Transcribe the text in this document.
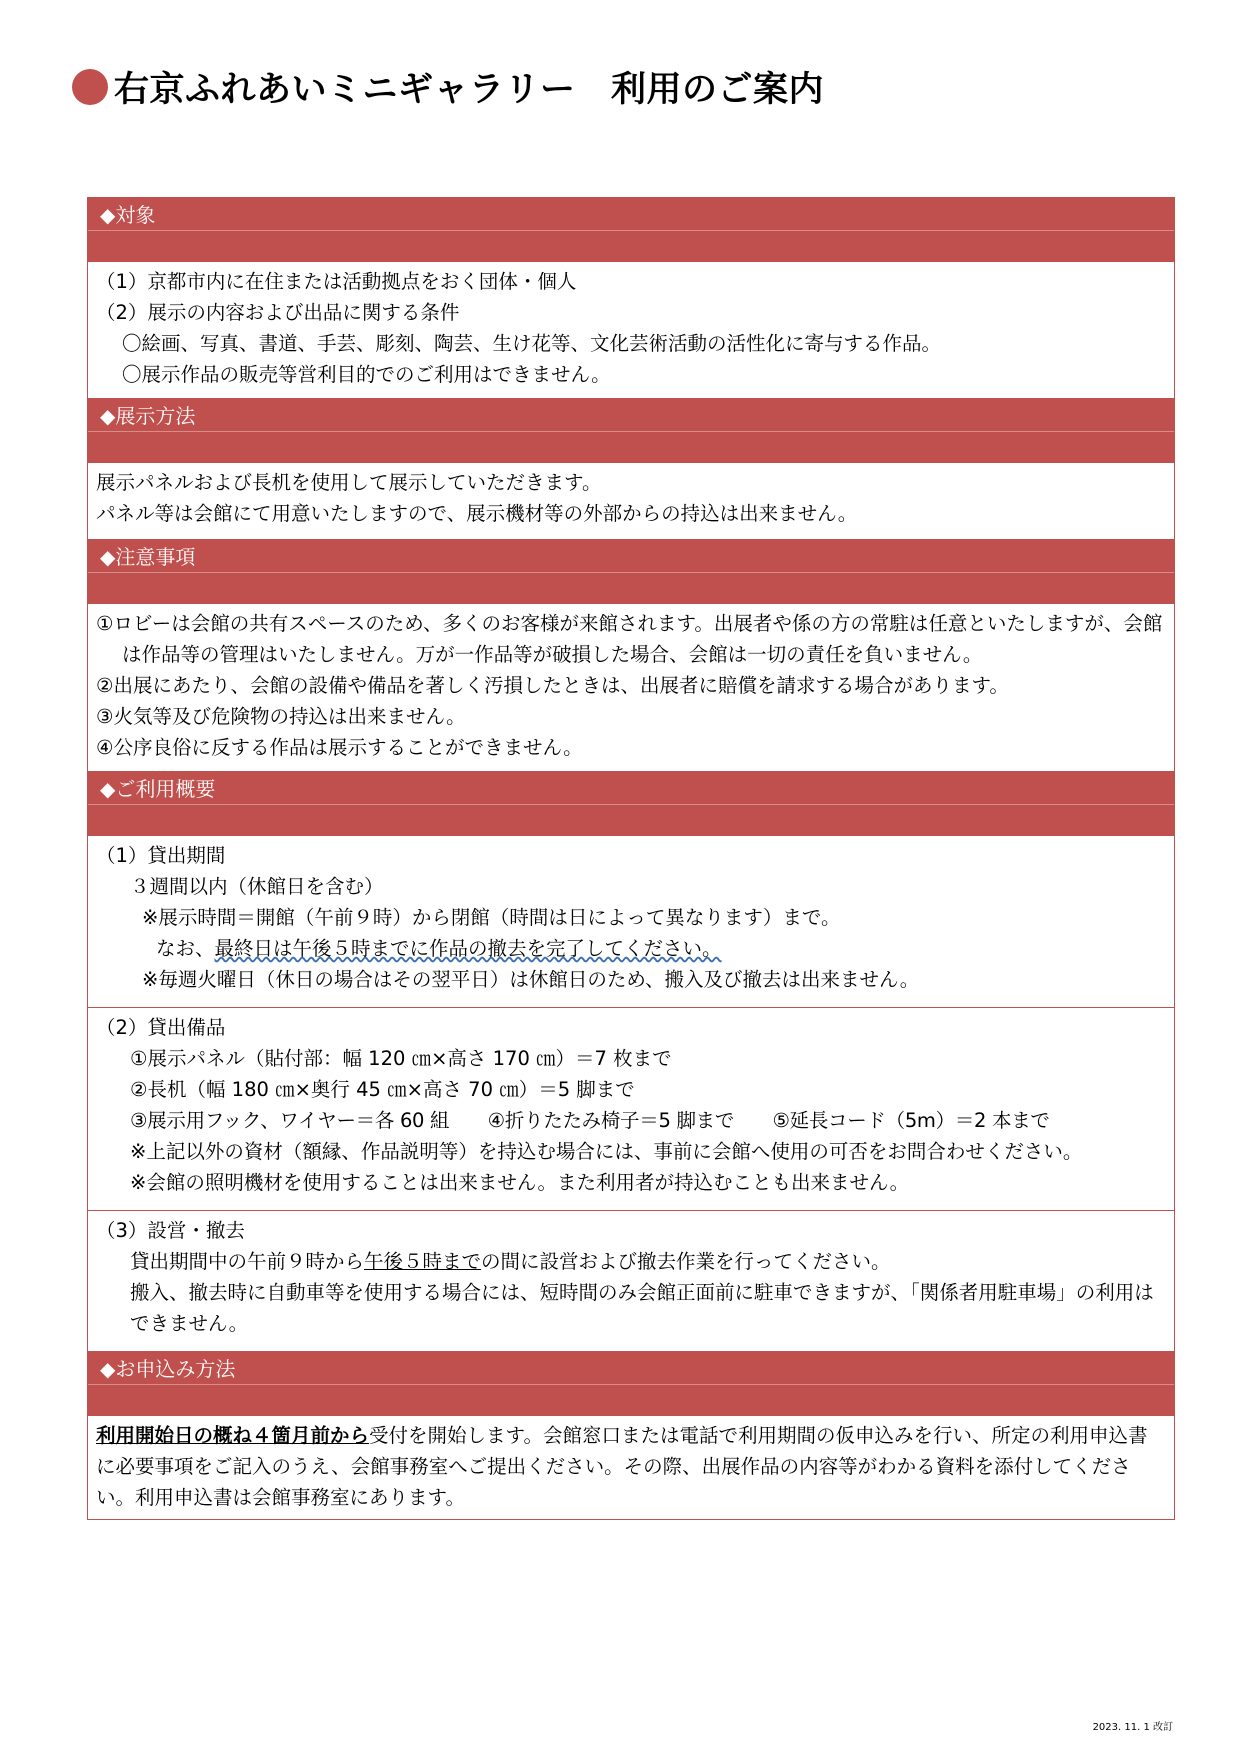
右京ふれあいミニギャラリー　利用のご案内
◆対象
（1）京都市内に在住または活動拠点をおく団体・個人
（2）展示の内容および出品に関する条件
〇絵画、写真、書道、手芸、彫刻、陶芸、生け花等、文化芸術活動の活性化に寄与する作品。
〇展示作品の販売等営利目的でのご利用はできません。
◆展示方法
展示パネルおよび長机を使用して展示していただきます。
パネル等は会館にて用意いたしますので、展示機材等の外部からの持込は出来ません。
◆注意事項
①ロビーは会館の共有スペースのため、多くのお客様が来館されます。出展者や係の方の常駐は任意といたしますが、会館は作品等の管理はいたしません。万が一作品等が破損した場合、会館は一切の責任を負いません。
②出展にあたり、会館の設備や備品を著しく汚損したときは、出展者に賠償を請求する場合があります。
③火気等及び危険物の持込は出来ません。
④公序良俗に反する作品は展示することができません。
◆ご利用概要
（1）貸出期間
３週間以内（休館日を含む）
※展示時間＝開館（午前９時）から閉館（時間は日によって異なります）まで。
なお、最終日は午後５時までに作品の撤去を完了してください。
※毎週火曜日（休日の場合はその翌平日）は休館日のため、搬入及び撤去は出来ません。
（2）貸出備品
①展示パネル（貼付部：幅 120 ㎝×高さ 170 ㎝）＝7 枚まで
②長机（幅 180 ㎝×奥行 45 ㎝×高さ 70 ㎝）＝5 脚まで
③展示用フック、ワイヤー＝各 60 組　　④折りたたみ椅子＝5 脚まで　　⑤延長コード（5m）＝2 本まで
※上記以外の資材（額縁、作品説明等）を持込む場合には、事前に会館へ使用の可否をお問合わせください。
※会館の照明機材を使用することは出来ません。また利用者が持込むことも出来ません。
（3）設営・撤去
貸出期間中の午前９時から午後５時までの間に設営および撤去作業を行ってください。
搬入、撤去時に自動車等を使用する場合には、短時間のみ会館正面前に駐車できますが、「関係者用駐車場」の利用はできません。
◆お申込み方法
利用開始日の概ね４箇月前から受付を開始します。会館窓口または電話で利用期間の仮申込みを行い、所定の利用申込書に必要事項をご記入のうえ、会館事務室へご提出ください。その際、出展作品の内容等がわかる資料を添付してください。利用申込書は会館事務室にあります。
2023. 11. 1 改訂
